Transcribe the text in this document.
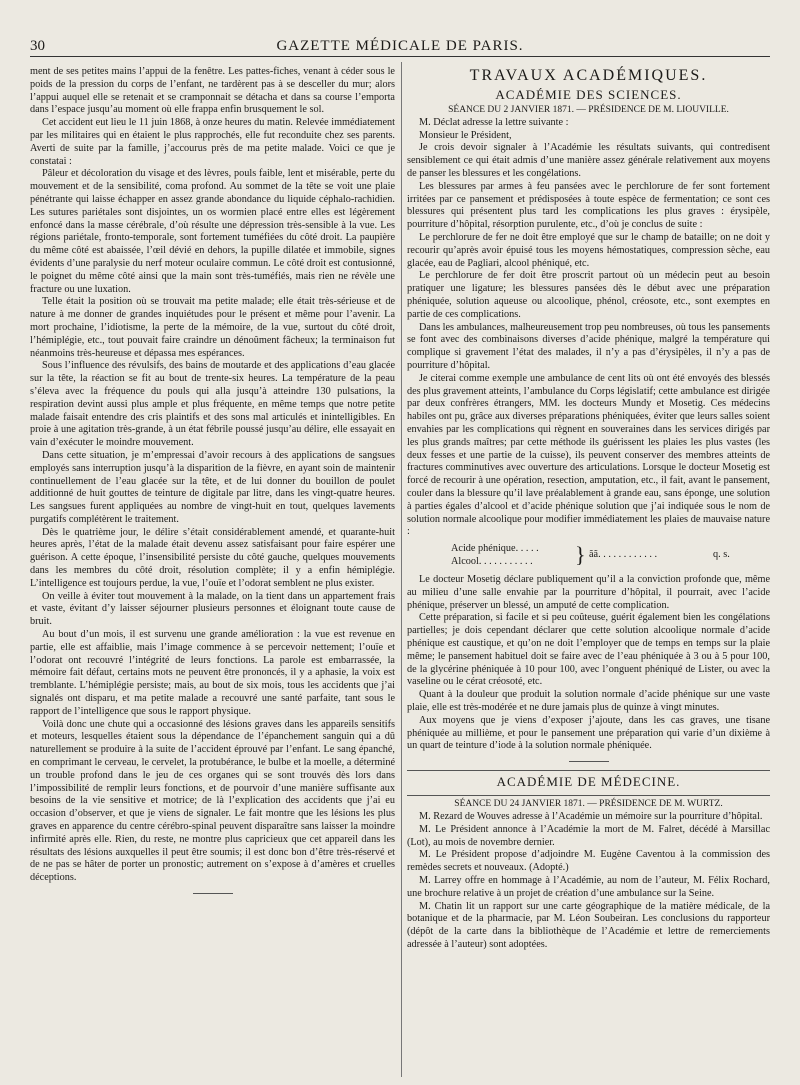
30	GAZETTE MÉDICALE DE PARIS.

ment de ses petites mains l’appui de la fenêtre. Les pattes-fiches, venant à céder sous le poids de la pression du corps de l’enfant, ne tardèrent pas à se desceller du mur; alors l’appui auquel elle se retenait et se cramponnait se détacha et dans sa course l’emporta dans l’espace jusqu’au moment où elle frappa enfin brusquement le sol.

Cet accident eut lieu le 11 juin 1868, à onze heures du matin. Relevée immédiatement par les militaires qui en étaient le plus rapprochés, elle fut reconduite chez ses parents. Averti de suite par la famille, j’accourus près de ma petite malade. Voici ce que je constatai :

Pâleur et décoloration du visage et des lèvres, pouls faible, lent et misérable, perte du mouvement et de la sensibilité, coma profond. Au sommet de la tête se voit une plaie pénétrante qui laisse échapper en assez grande abondance du liquide céphalo-rachidien. Les sutures pariétales sont disjointes, un os wormien placé entre elles est légèrement enfoncé dans la masse cérébrale, d’où résulte une dépression très-sensible à la vue. Les régions pariétale, fronto-temporale, sont fortement tuméfiées du côté droit. La paupière du même côté est abaissée, l’œil dévié en dehors, la pupille dilatée et immobile, signes évidents d’une paralysie du nerf moteur oculaire commun. Le côté droit est contusionné, le poignet du même côté ainsi que la main sont très-tuméfiés, mais rien ne révèle une fracture ou une luxation.

Telle était la position où se trouvait ma petite malade; elle était très-sérieuse et de nature à me donner de grandes inquiétudes pour le présent et même pour l’avenir. La mort prochaine, l’idiotisme, la perte de la mémoire, de la vue, surtout du côté droit, l’hémiplégie, etc., tout pouvait faire craindre un dénoûment fâcheux; la terminaison fut néanmoins très-heureuse et dépassa mes espérances.

Sous l’influence des révulsifs, des bains de moutarde et des applications d’eau glacée sur la tête, la réaction se fit au bout de trente-six heures. La température de la peau s’éleva avec la fréquence du pouls qui alla jusqu’à atteindre 130 pulsations, la respiration devint aussi plus ample et plus fréquente, en même temps que notre petite malade faisait entendre des cris plaintifs et des sons mal articulés et inintelligibles. En proie à une agitation très-grande, à un état fébrile poussé jusqu’au délire, elle essayait en vain d’exécuter le moindre mouvement.

Dans cette situation, je m’empressai d’avoir recours à des applications de sangsues employés sans interruption jusqu’à la disparition de la fièvre, en ayant soin de maintenir continuellement de l’eau glacée sur la tête, et de lui donner du bouillon de poulet additionné de huit gouttes de teinture de digitale par litre, dans les vingt-quatre heures. Les sangsues furent appliquées au nombre de vingt-huit en tout, quelques lavements purgatifs complétèrent le traitement.

Dès le quatrième jour, le délire s’était considérablement amendé, et quarante-huit heures après, l’état de la malade était devenu assez satisfaisant pour faire espérer une guérison. A cette époque, l’insensibilité persiste du côté gauche, quelques mouvements dans les membres du côté droit, résolution complète; il y a enfin hémiplégie. L’intelligence est toujours perdue, la vue, l’ouïe et l’odorat semblent ne plus exister.

On veille à éviter tout mouvement à la malade, on la tient dans un appartement frais et vaste, évitant d’y laisser séjourner plusieurs personnes et éloignant toute cause de bruit.

Au bout d’un mois, il est survenu une grande amélioration : la vue est revenue en partie, elle est affaiblie, mais l’image commence à se percevoir nettement; l’ouïe et l’odorat ont recouvré l’intégrité de leurs fonctions. La parole est embarrassée, la mémoire fait défaut, certains mots ne peuvent être prononcés, il y a aphasie, la voix est tremblante. L’hémiplégie persiste; mais, au bout de six mois, tous les accidents que j’ai signalés ont disparu, et ma petite malade a recouvré une santé parfaite, tant sous le rapport de l’intelligence que sous le rapport physique.

Voilà donc une chute qui a occasionné des lésions graves dans les appareils sensitifs et moteurs, lesquelles étaient sous la dépendance de l’épanchement sanguin qui a dû naturellement se produire à la suite de l’accident éprouvé par l’enfant. Le sang épanché, en comprimant le cerveau, le cervelet, la protubérance, le bulbe et la moelle, a déterminé un trouble profond dans le jeu de ces organes qui se sont trouvés dès lors dans l’impossibilité de remplir leurs fonctions, et de pourvoir d’une manière suffisante aux besoins de la vie sensitive et motrice; de là l’explication des accidents que j’ai eu occasion d’observer, et que je viens de signaler. Le fait montre que les lésions les plus graves en apparence du centre cérébro-spinal peuvent disparaître sans laisser la moindre infirmité après elle. Rien, du reste, ne montre plus capricieux que cet appareil dans les résultats des lésions auxquelles il peut être soumis; il est donc bon d’être très-réservé et de ne pas se hâter de porter un pronostic; autrement on s’expose à d’amères et cruelles déceptions.

TRAVAUX ACADÉMIQUES.

ACADÉMIE DES SCIENCES.

SÉANCE DU 2 JANVIER 1871. — PRÉSIDENCE DE M. LIOUVILLE.

M. Déclat adresse la lettre suivante :

Monsieur le Président,

Je crois devoir signaler à l’Académie les résultats suivants, qui contredisent sensiblement ce qui était admis d’une manière assez générale relativement aux moyens de panser les blessures et les congélations.

Les blessures par armes à feu pansées avec le perchlorure de fer sont fortement irritées par ce pansement et prédisposées à toute espèce de fermentation; ce sont ces blessures qui présentent plus tard les complications les plus graves : érysipèle, pourriture d’hôpital, résorption purulente, etc., d’où je conclus de suite :

Le perchlorure de fer ne doit être employé que sur le champ de bataille; on ne doit y recourir qu’après avoir épuisé tous les moyens hémostatiques, compression sèche, eau glacée, eau de Pagliari, alcool phéniqué, etc.

Le perchlorure de fer doit être proscrit partout où un médecin peut au besoin pratiquer une ligature; les blessures pansées dès le début avec une préparation phéniquée, solution aqueuse ou alcoolique, phénol, créosote, etc., sont exemptes en partie de ces complications.

Dans les ambulances, malheureusement trop peu nombreuses, où tous les pansements se font avec des combinaisons diverses d’acide phénique, malgré la température qui complique si gravement l’état des malades, il n’y a pas d’érysipèles, il n’y a pas de pourriture d’hôpital.

Je citerai comme exemple une ambulance de cent lits où ont été envoyés des blessés des plus gravement atteints, l’ambulance du Corps législatif; cette ambulance est dirigée par deux confrères étrangers, MM. les docteurs Mundy et Mosetig. Ces médecins habiles ont pu, grâce aux diverses préparations phéniquées, éviter que leurs salles soient envahies par les complications qui règnent en souveraines dans les services dirigés par les plus grands maîtres; par cette méthode ils guérissent les plaies les plus vastes (les deux fesses et une partie de la cuisse), ils peuvent conserver des membres atteints de fractures comminutives avec ouverture des articulations. Lorsque le docteur Mosetig est forcé de recourir à une opération, resection, amputation, etc., il fait, avant le pansement, couler dans la blessure qu’il lave préalablement à grande eau, sans éponge, une solution à parties égales d’alcool et d’acide phénique solution que j’ai indiquée sous le nom de solution normale alcoolique pour modifier immédiatement les plaies de mauvaise nature :

Acide phénique. . . . .
Alcool. . . . . . . . . . . } ãã. . . . . . . . . . . .	q. s.

Le docteur Mosetig déclare publiquement qu’il a la conviction profonde que, même au milieu d’une salle envahie par la pourriture d’hôpital, il pourrait, avec l’acide phénique, préserver un blessé, un amputé de cette complication.

Cette préparation, si facile et si peu coûteuse, guérit également bien les congélations partielles; je dois cependant déclarer que cette solution alcoolique normale d’acide phénique est caustique, et qu’on ne doit l’employer que de temps en temps sur la plaie même; le pansement habituel doit se faire avec de l’eau phéniquée à 3 ou à 5 pour 100, de la glycérine phéniquée à 10 pour 100, avec l’onguent phéniqué de Lister, ou avec la vaseline ou le cérat créosoté, etc.

Quant à la douleur que produit la solution normale d’acide phénique sur une vaste plaie, elle est très-modérée et ne dure jamais plus de quinze à vingt minutes.

Aux moyens que je viens d’exposer j’ajoute, dans les cas graves, une tisane phéniquée au millième, et pour le pansement une préparation qui varie d’un dixième à un quart de teinture d’iode à la solution normale phéniquée.

ACADÉMIE DE MÉDECINE.

SÉANCE DU 24 JANVIER 1871. — PRÉSIDENCE DE M. WURTZ.

M. Rezard de Wouves adresse à l’Académie un mémoire sur la pourriture d’hôpital.

M. Le Président annonce à l’Académie la mort de M. Falret, décédé à Marsillac (Lot), au mois de novembre dernier.

M. Le Président propose d’adjoindre M. Eugène Caventou à la commission des remèdes secrets et nouveaux. (Adopté.)

M. Larrey offre en hommage à l’Académie, au nom de l’auteur, M. Félix Rochard, une brochure relative à un projet de création d’une ambulance sur la Seine.

M. Chatin lit un rapport sur une carte géographique de la matière médicale, de la botanique et de la pharmacie, par M. Léon Soubeiran. Les conclusions du rapporteur (dépôt de la carte dans la bibliothèque de l’Académie et lettre de remerciements adressée à l’auteur) sont adoptées.
